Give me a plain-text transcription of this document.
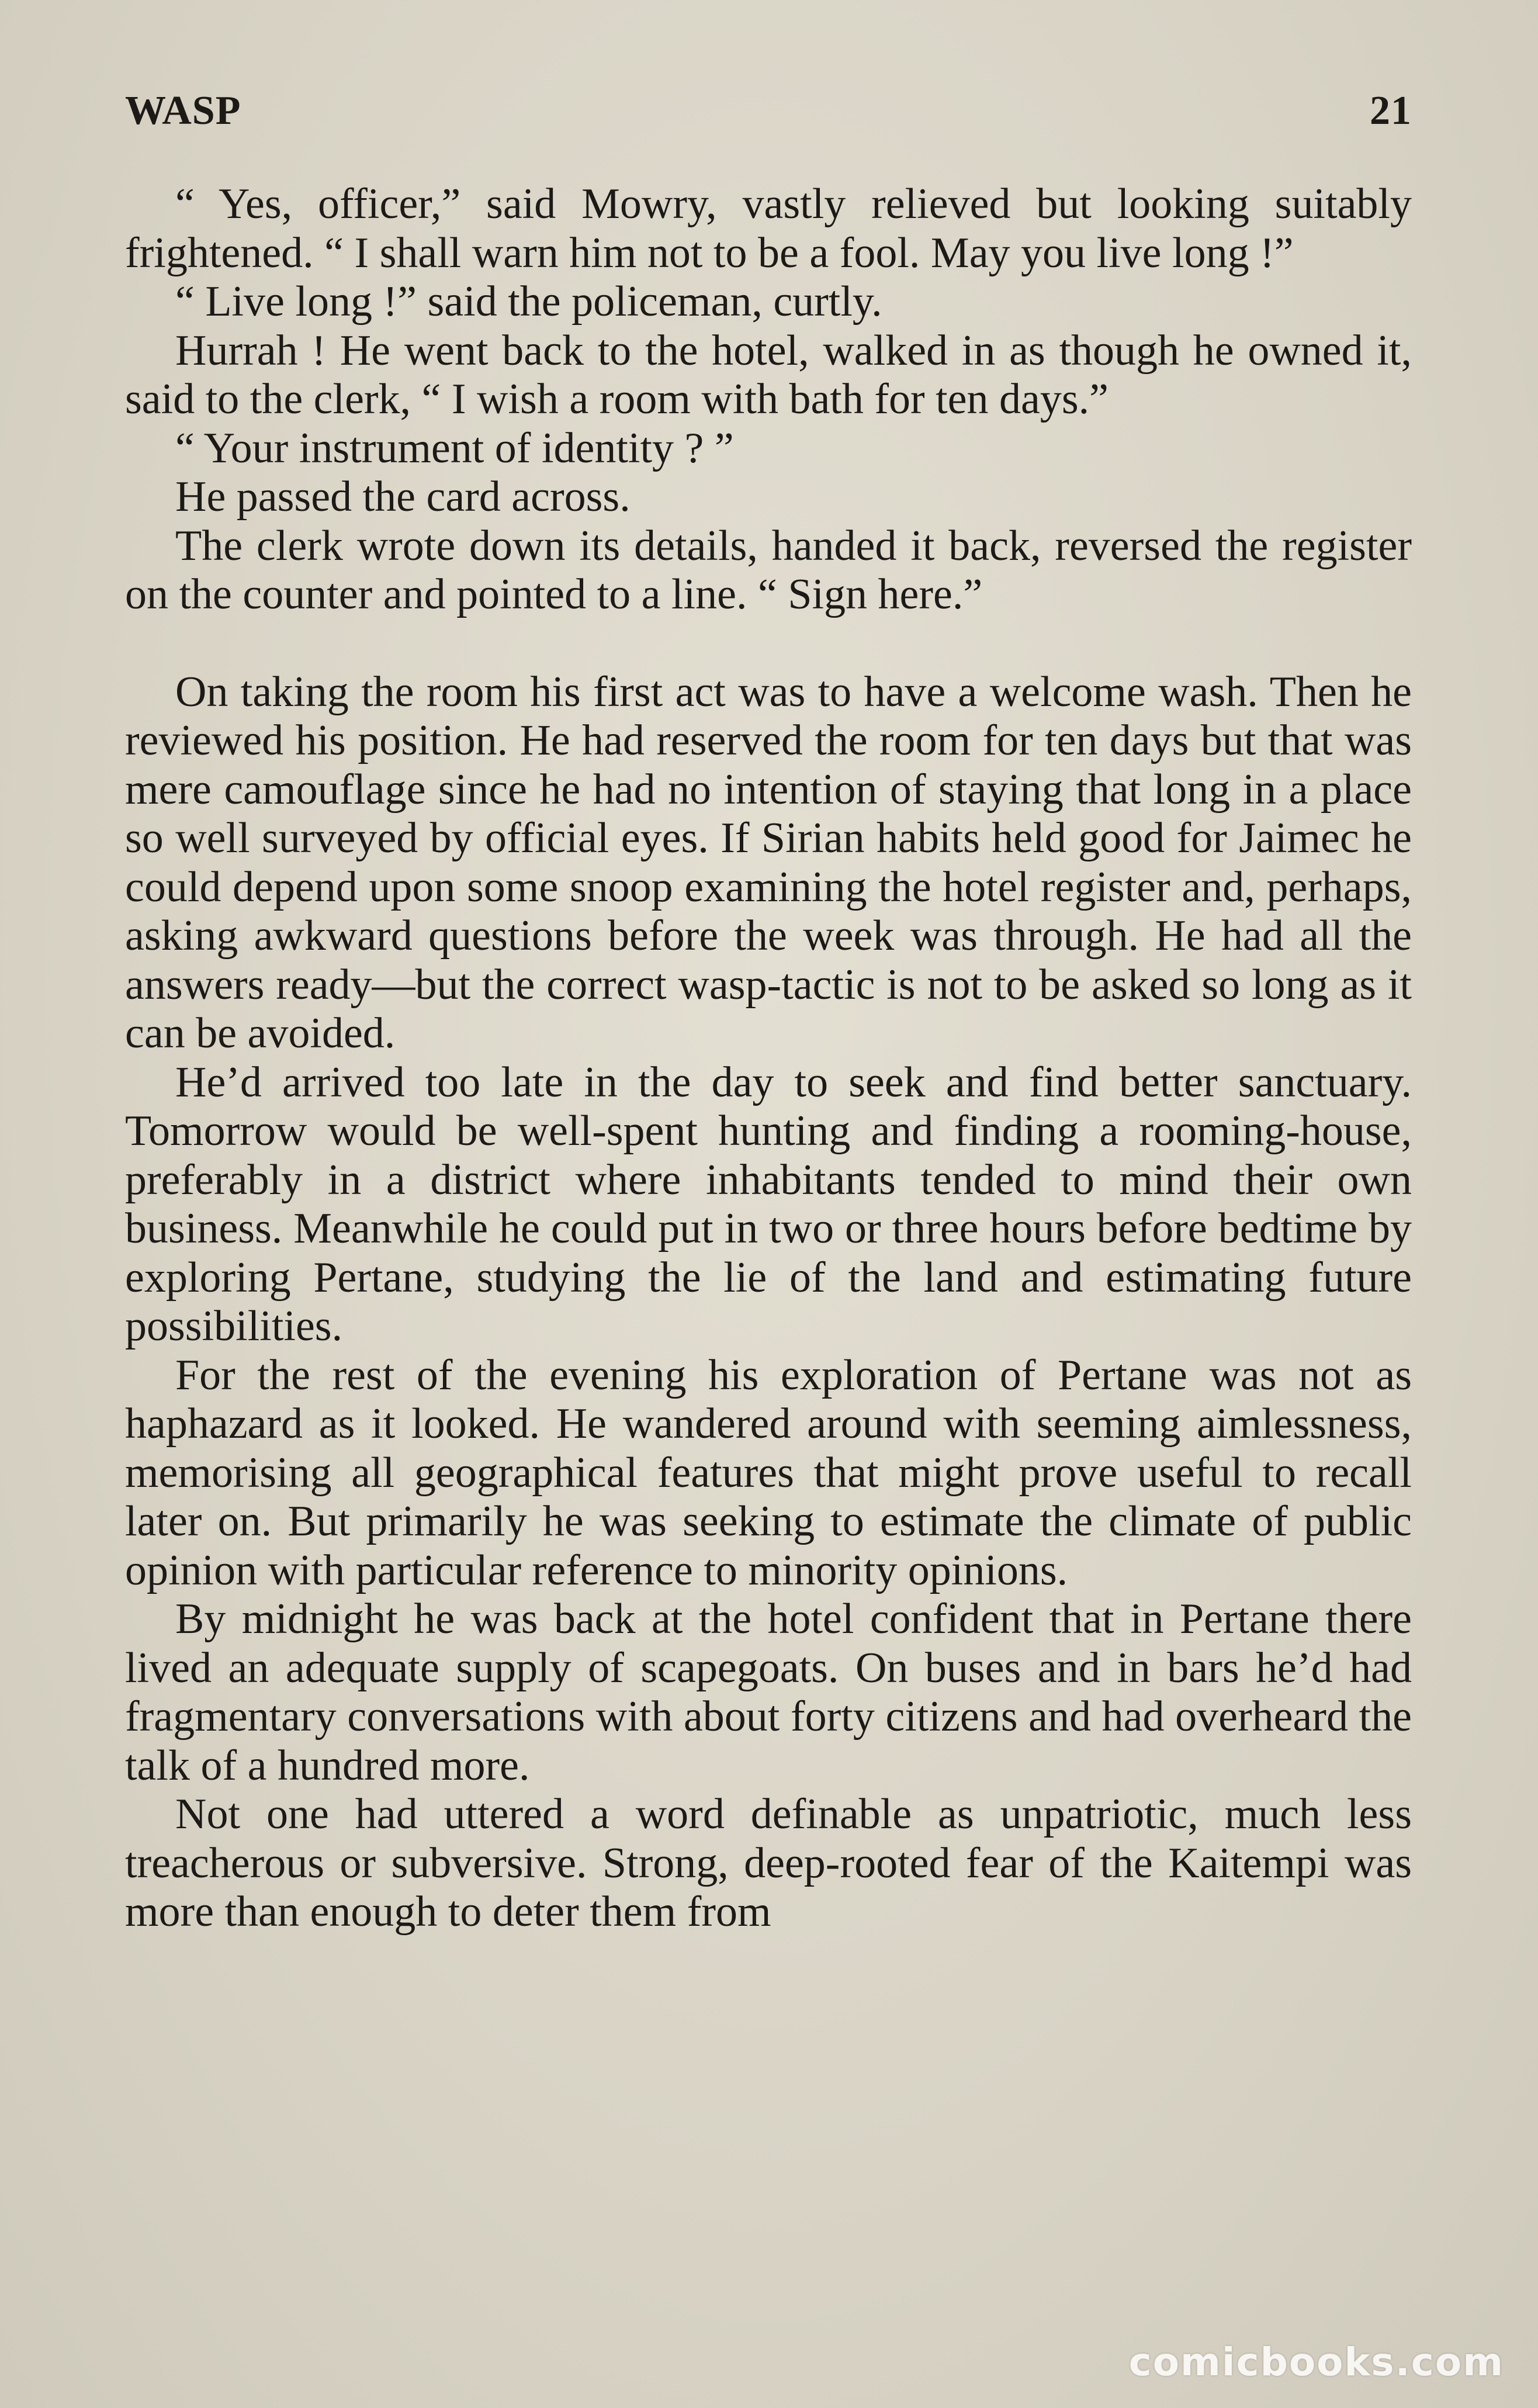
WASP	21

“ Yes, officer,” said Mowry, vastly relieved but looking suitably frightened. “ I shall warn him not to be a fool. May you live long !”

“ Live long !” said the policeman, curtly.

Hurrah ! He went back to the hotel, walked in as though he owned it, said to the clerk, “ I wish a room with bath for ten days.”

“ Your instrument of identity ? ”

He passed the card across.

The clerk wrote down its details, handed it back, reversed the register on the counter and pointed to a line. “ Sign here.”

On taking the room his first act was to have a welcome wash. Then he reviewed his position. He had reserved the room for ten days but that was mere camouflage since he had no intention of staying that long in a place so well surveyed by official eyes. If Sirian habits held good for Jaimec he could depend upon some snoop examining the hotel register and, perhaps, asking awkward questions before the week was through. He had all the answers ready—but the correct wasp-tactic is not to be asked so long as it can be avoided.

He’d arrived too late in the day to seek and find better sanctuary. Tomorrow would be well-spent hunting and finding a rooming-house, preferably in a district where inhabitants tended to mind their own business. Meanwhile he could put in two or three hours before bedtime by exploring Pertane, studying the lie of the land and estimating future possibilities.

For the rest of the evening his exploration of Pertane was not as haphazard as it looked. He wandered around with seeming aimlessness, memorising all geographical features that might prove useful to recall later on. But primarily he was seeking to estimate the climate of public opinion with particular reference to minority opinions.

By midnight he was back at the hotel confident that in Pertane there lived an adequate supply of scapegoats. On buses and in bars he’d had fragmentary conversations with about forty citizens and had overheard the talk of a hundred more.

Not one had uttered a word definable as unpatriotic, much less treacherous or subversive. Strong, deep-rooted fear of the Kaitempi was more than enough to deter them from

comicbooks.com
